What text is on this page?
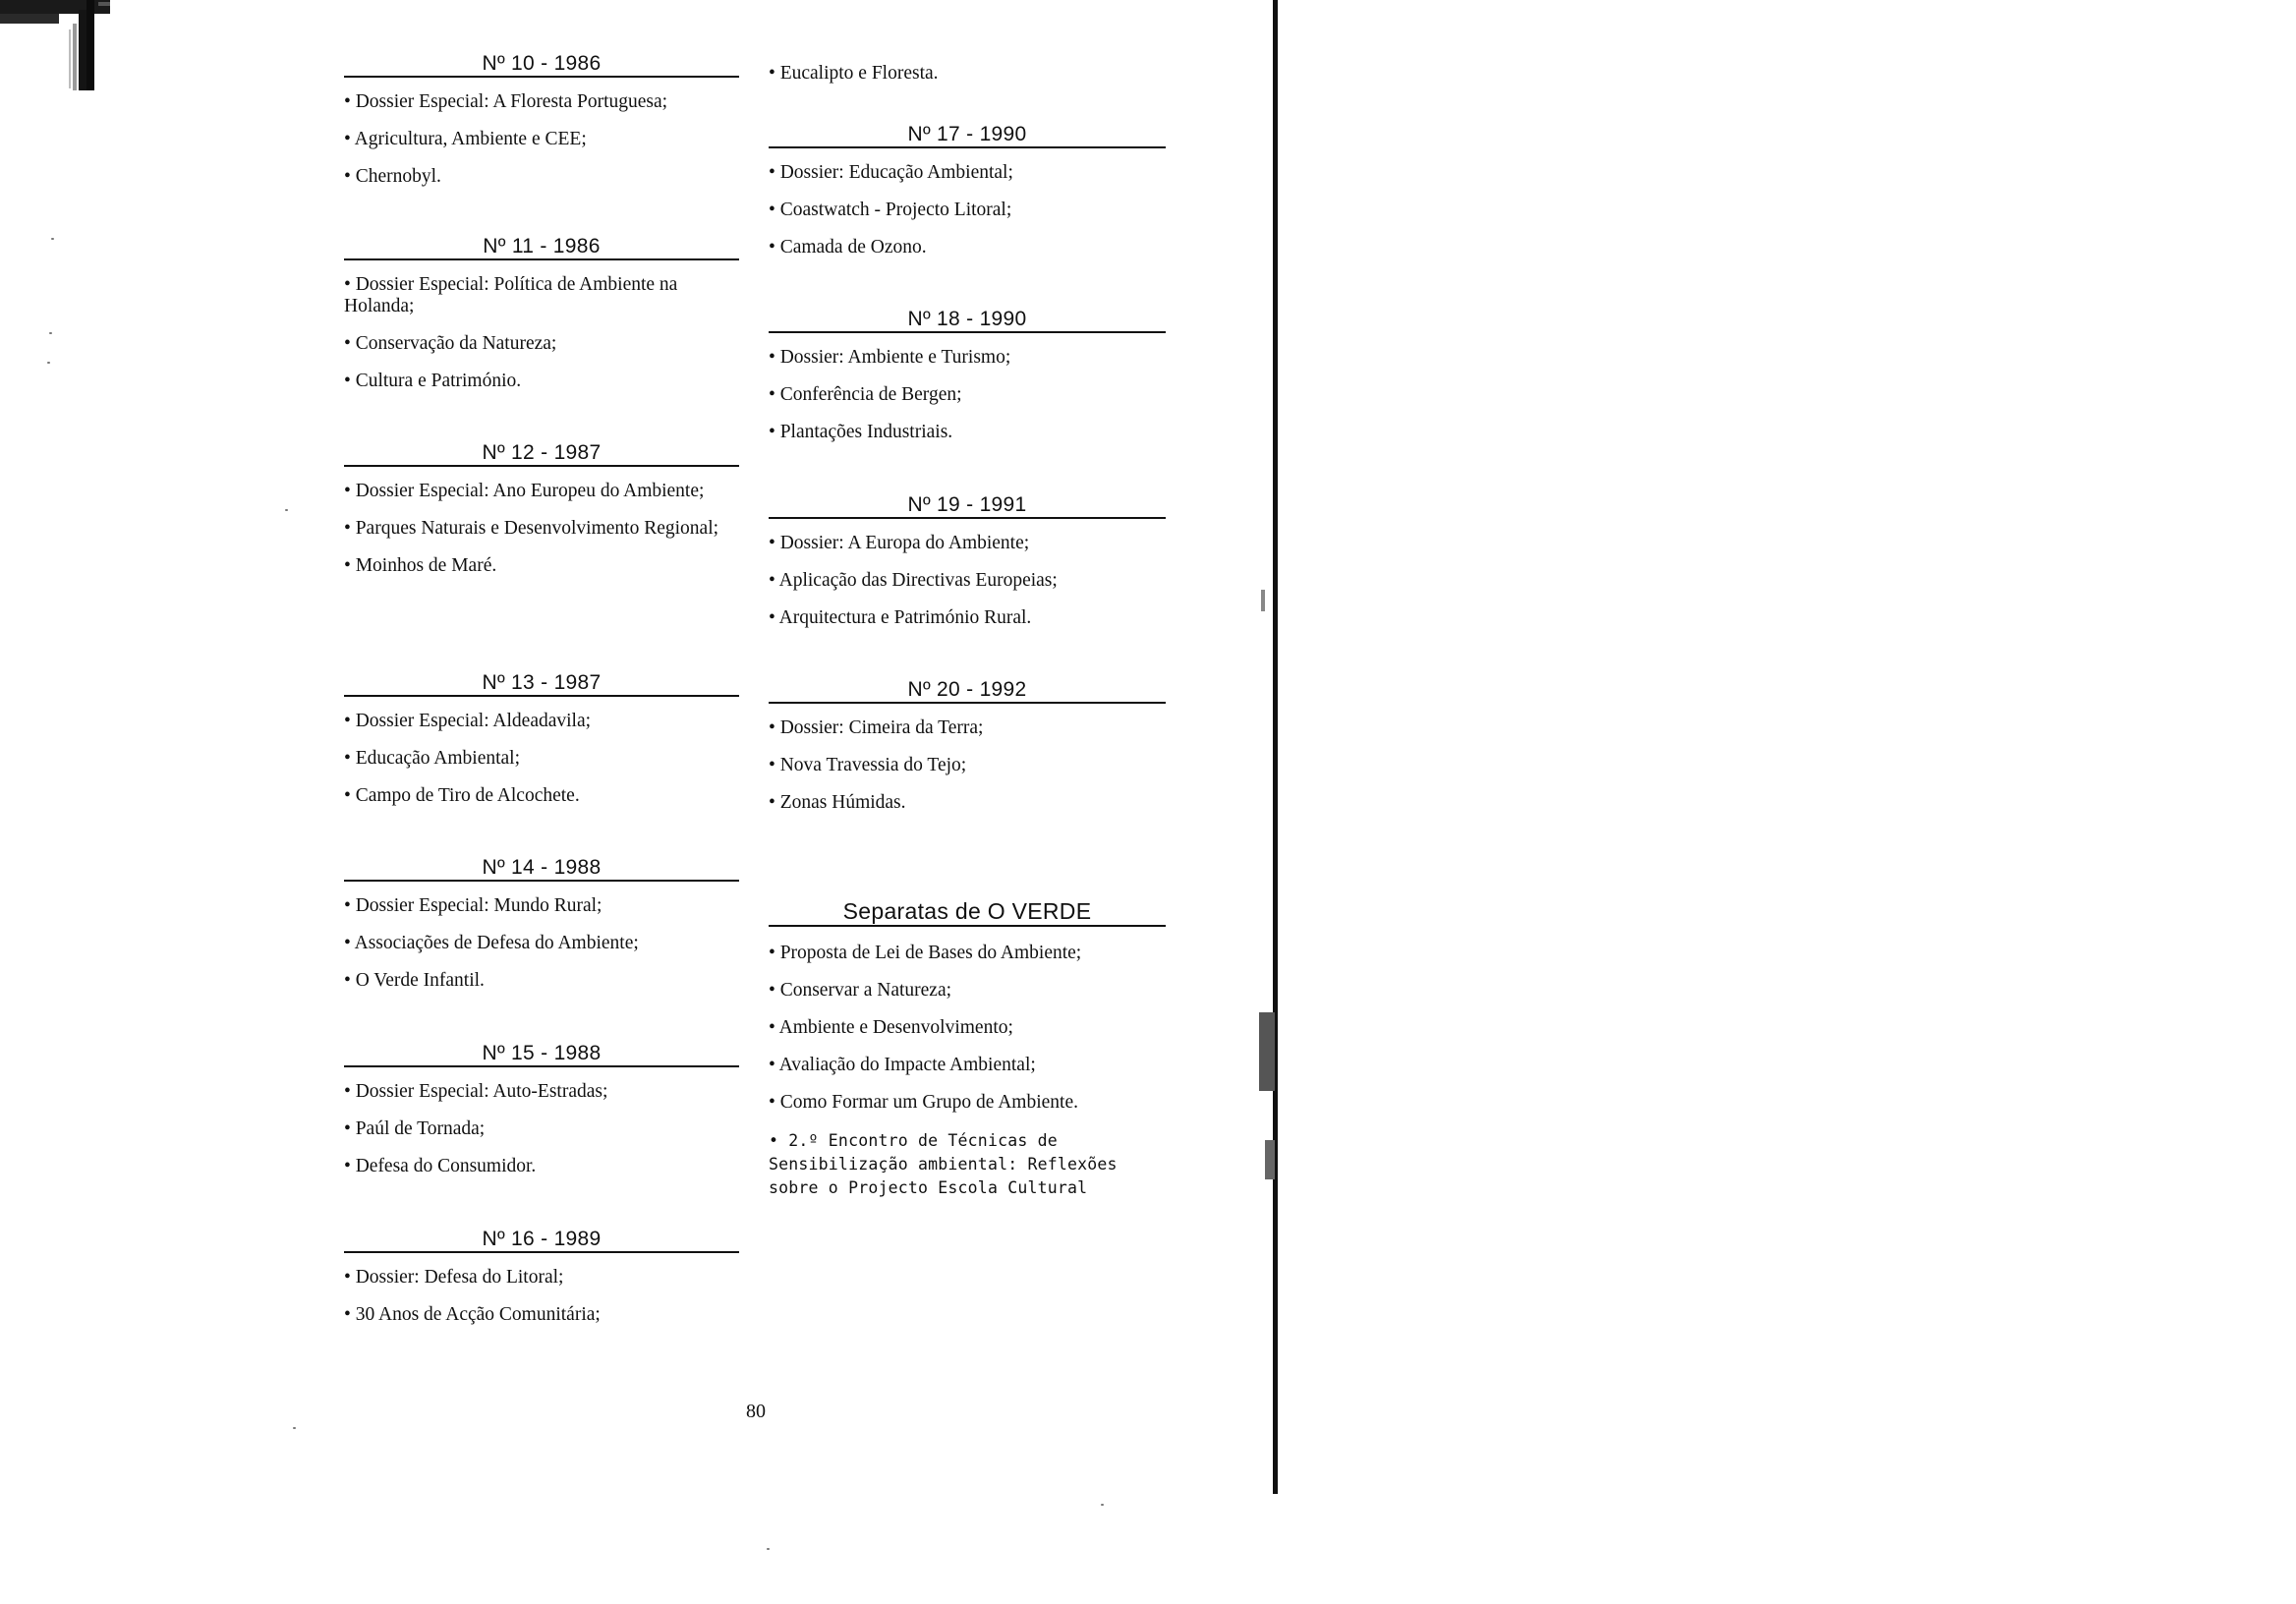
Nº 10 - 1986
• Dossier Especial: A Floresta Portuguesa;
• Agricultura, Ambiente e CEE;
• Chernobyl.
Nº 11 - 1986
• Dossier Especial: Política de Ambiente na Holanda;
• Conservação da Natureza;
• Cultura e Património.
Nº 12 - 1987
• Dossier Especial: Ano Europeu do Ambiente;
• Parques Naturais e Desenvolvimento Regional;
• Moinhos de Maré.
Nº 13 - 1987
• Dossier Especial: Aldeadavila;
• Educação Ambiental;
• Campo de Tiro de Alcochete.
Nº 14 - 1988
• Dossier Especial: Mundo Rural;
• Associações de Defesa do Ambiente;
• O Verde Infantil.
Nº 15 - 1988
• Dossier Especial: Auto-Estradas;
• Paúl de Tornada;
• Defesa do Consumidor.
Nº 16 - 1989
• Dossier: Defesa do Litoral;
• 30 Anos de Acção Comunitária;
• Eucalipto e Floresta.
Nº 17 - 1990
• Dossier: Educação Ambiental;
• Coastwatch - Projecto Litoral;
• Camada de Ozono.
Nº 18 - 1990
• Dossier: Ambiente e Turismo;
• Conferência de Bergen;
• Plantações Industriais.
Nº 19 - 1991
• Dossier: A Europa do Ambiente;
• Aplicação das Directivas Europeias;
• Arquitectura e Património Rural.
Nº 20 - 1992
• Dossier: Cimeira da Terra;
• Nova Travessia do Tejo;
• Zonas Húmidas.
Separatas de O VERDE
• Proposta de Lei de Bases do Ambiente;
• Conservar a Natureza;
• Ambiente e Desenvolvimento;
• Avaliação do Impacte Ambiental;
• Como Formar um Grupo de Ambiente.
• 2.º Encontro de Técnicas de Sensibilização ambiental: Reflexões sobre o Projecto Escola Cultural
80
